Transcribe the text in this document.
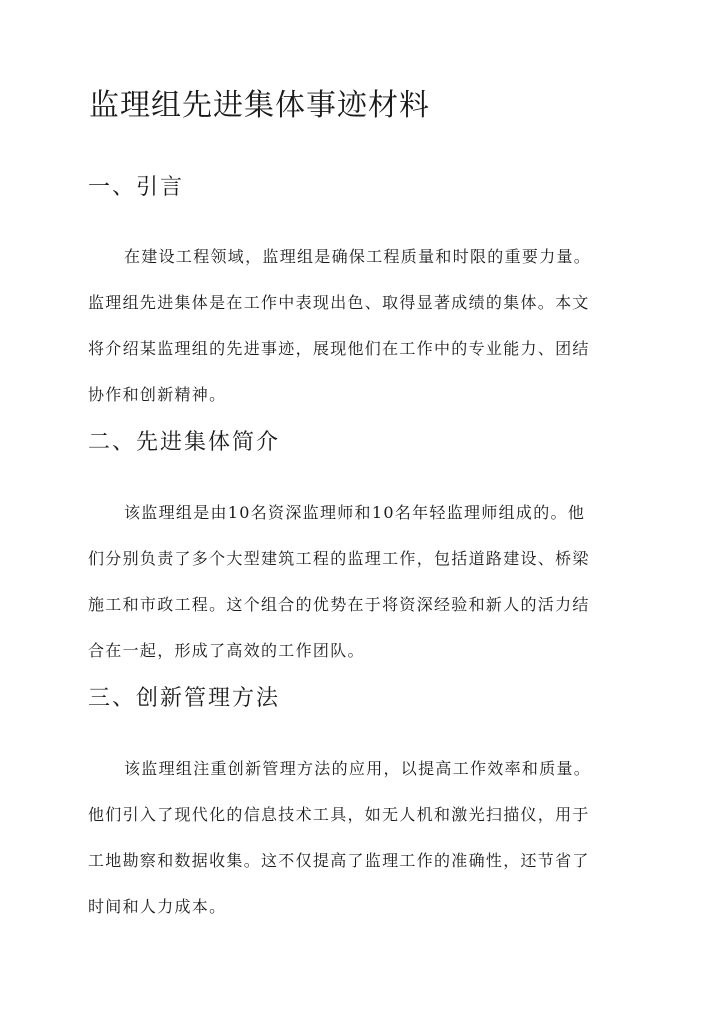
监理组先进集体事迹材料
一、引言
在建设工程领域，监理组是确保工程质量和时限的重要力量。
监理组先进集体是在工作中表现出色、取得显著成绩的集体。本文
将介绍某监理组的先进事迹，展现他们在工作中的专业能力、团结
协作和创新精神。
二、先进集体简介
该监理组是由10名资深监理师和10名年轻监理师组成的。他
们分别负责了多个大型建筑工程的监理工作，包括道路建设、桥梁
施工和市政工程。这个组合的优势在于将资深经验和新人的活力结
合在一起，形成了高效的工作团队。
三、创新管理方法
该监理组注重创新管理方法的应用，以提高工作效率和质量。
他们引入了现代化的信息技术工具，如无人机和激光扫描仪，用于
工地勘察和数据收集。这不仅提高了监理工作的准确性，还节省了
时间和人力成本。
